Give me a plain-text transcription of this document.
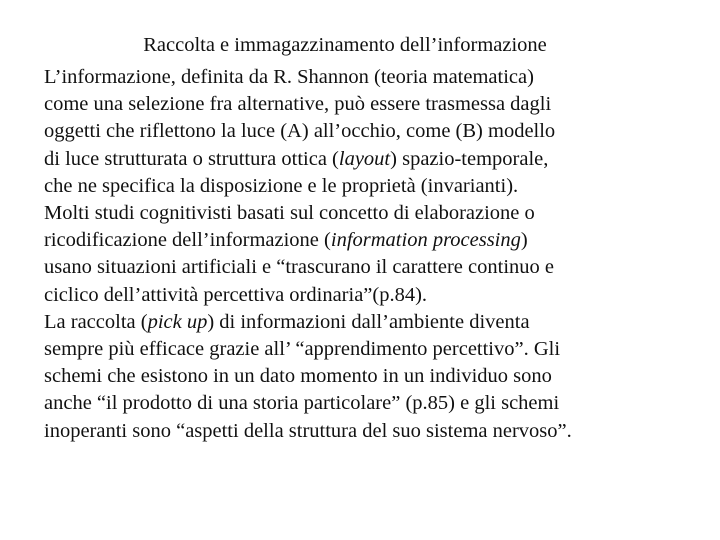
Raccolta e immagazzinamento dell’informazione
L’informazione, definita da R. Shannon (teoria matematica)
come una selezione fra alternative, può essere trasmessa dagli
oggetti che riflettono la luce (A) all’occhio, come (B) modello
di luce strutturata o struttura ottica (layout) spazio-temporale,
che ne specifica la disposizione e le proprietà (invarianti).
Molti studi cognitivisti basati sul concetto di elaborazione o
ricodificazione dell’informazione (information processing)
usano situazioni artificiali e “trascurano il carattere continuo e
ciclico dell’attività percettiva ordinaria”(p.84).
La raccolta (pick up) di informazioni dall’ambiente diventa
sempre più efficace grazie all’ “apprendimento percettivo”. Gli
schemi che esistono in un dato momento in un individuo sono
anche “il prodotto di una storia particolare” (p.85) e gli schemi
inoperanti sono “aspetti della struttura del suo sistema nervoso”.
